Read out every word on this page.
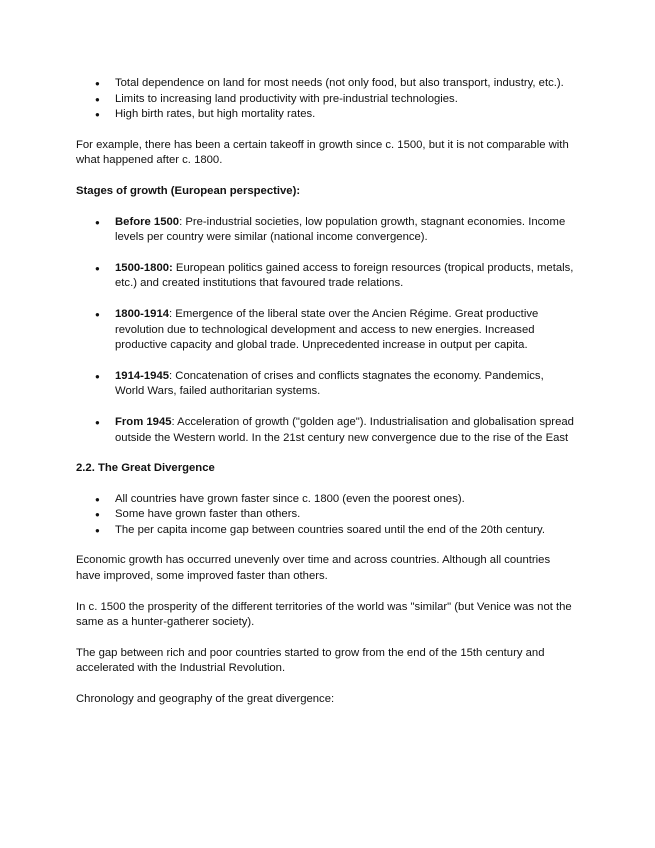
● Total dependence on land for most needs (not only food, but also transport, industry, etc.).
● Limits to increasing land productivity with pre-industrial technologies.
● High birth rates, but high mortality rates.

For example, there has been a certain takeoff in growth since c. 1500, but it is not comparable with what happened after c. 1800.

Stages of growth (European perspective):

● Before 1500: Pre-industrial societies, low population growth, stagnant economies. Income levels per country were similar (national income convergence).
● 1500-1800: European politics gained access to foreign resources (tropical products, metals, etc.) and created institutions that favoured trade relations.
● 1800-1914: Emergence of the liberal state over the Ancien Régime. Great productive revolution due to technological development and access to new energies. Increased productive capacity and global trade. Unprecedented increase in output per capita.
● 1914-1945: Concatenation of crises and conflicts stagnates the economy. Pandemics, World Wars, failed authoritarian systems.
● From 1945: Acceleration of growth ("golden age"). Industrialisation and globalisation spread outside the Western world. In the 21st century new convergence due to the rise of the East

2.2. The Great Divergence

● All countries have grown faster since c. 1800 (even the poorest ones).
● Some have grown faster than others.
● The per capita income gap between countries soared until the end of the 20th century.

Economic growth has occurred unevenly over time and across countries. Although all countries have improved, some improved faster than others.

In c. 1500 the prosperity of the different territories of the world was "similar" (but Venice was not the same as a hunter-gatherer society).

The gap between rich and poor countries started to grow from the end of the 15th century and accelerated with the Industrial Revolution.

Chronology and geography of the great divergence:
